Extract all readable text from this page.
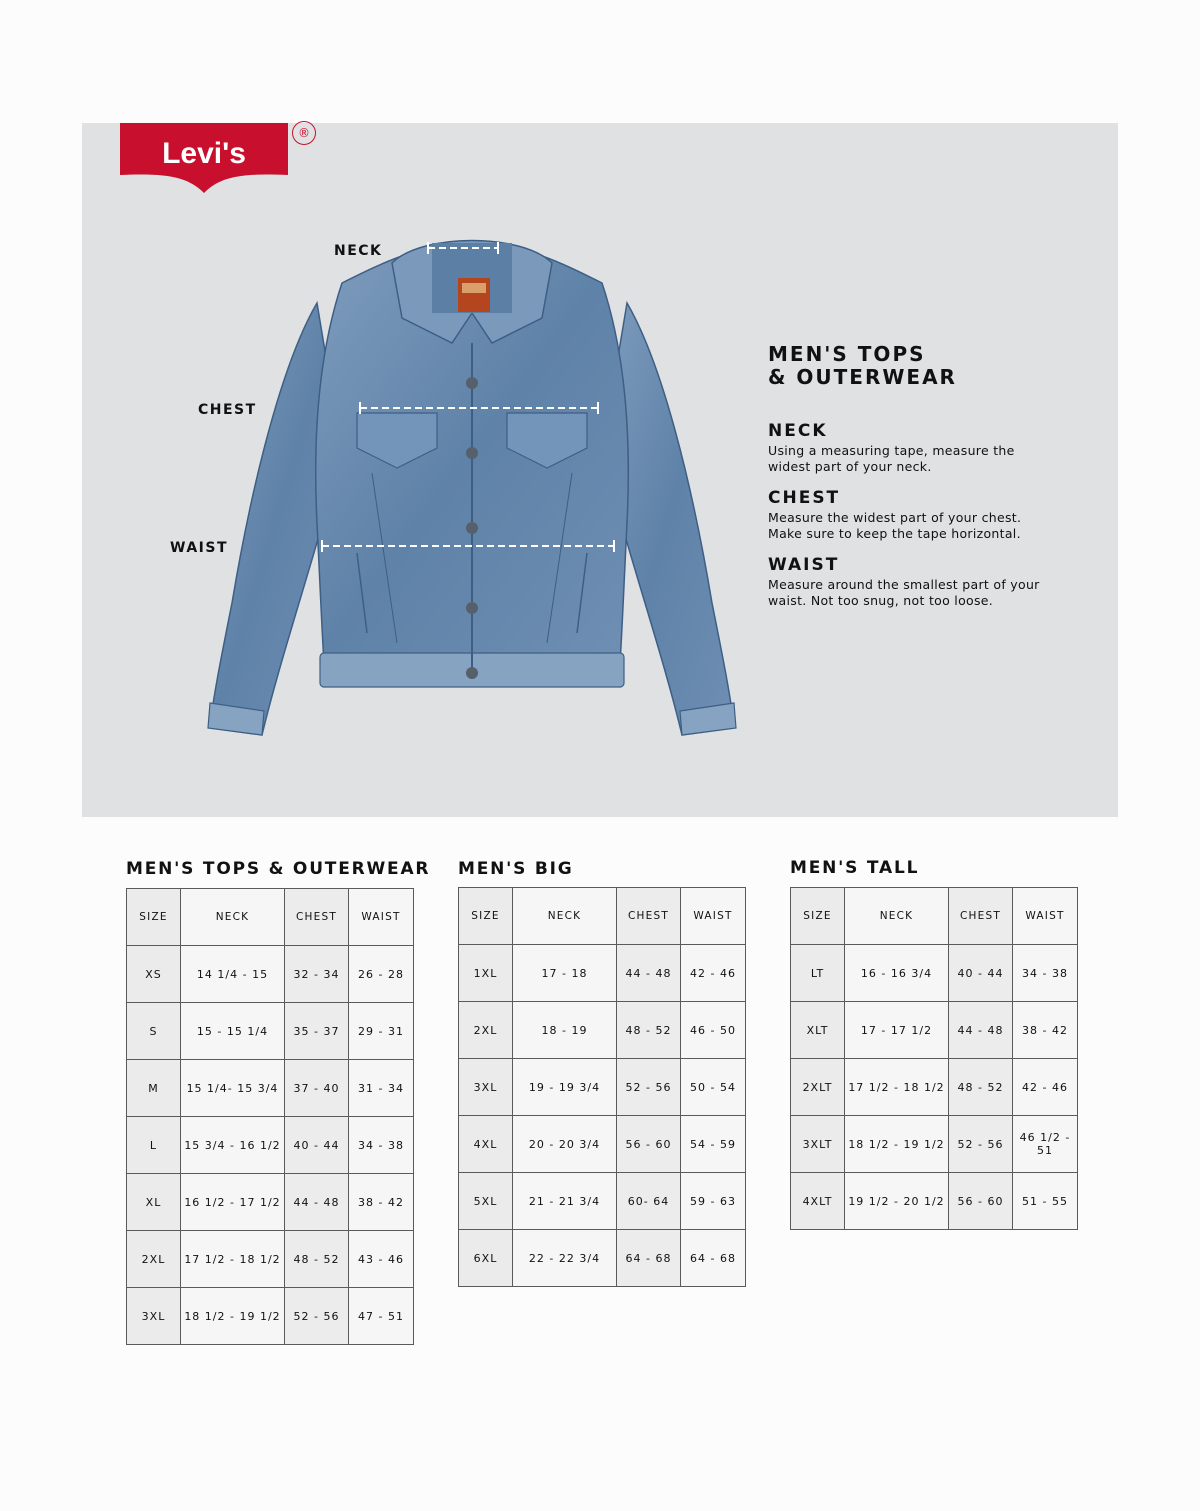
Levi's
®
NECK
CHEST
WAIST
MEN'S TOPS
& OUTERWEAR
NECK
Using a measuring tape, measure the
widest part of your neck.
CHEST
Measure the widest part of your chest.
Make sure to keep the tape horizontal.
WAIST
Measure around the smallest part of your
waist. Not too snug, not too loose.
MEN'S TOPS & OUTERWEAR
SIZE	NECK	CHEST	WAIST
XS	14 1/4 - 15	32 - 34	26 - 28
S	15 - 15 1/4	35 - 37	29 - 31
M	15 1/4- 15 3/4	37 - 40	31 - 34
L	15 3/4 - 16 1/2	40 - 44	34 - 38
XL	16 1/2 - 17 1/2	44 - 48	38 - 42
2XL	17 1/2 - 18 1/2	48 - 52	43 - 46
3XL	18 1/2 - 19 1/2	52 - 56	47 - 51
MEN'S BIG
SIZE	NECK	CHEST	WAIST
1XL	17 - 18	44 - 48	42 - 46
2XL	18 - 19	48 - 52	46 - 50
3XL	19 - 19 3/4	52 - 56	50 - 54
4XL	20 - 20 3/4	56 - 60	54 - 59
5XL	21 - 21 3/4	60- 64	59 - 63
6XL	22 - 22 3/4	64 - 68	64 - 68
MEN'S TALL
SIZE	NECK	CHEST	WAIST
LT	16 - 16 3/4	40 - 44	34 - 38
XLT	17 - 17 1/2	44 - 48	38 - 42
2XLT	17 1/2 - 18 1/2	48 - 52	42 - 46
3XLT	18 1/2 - 19 1/2	52 - 56	46 1/2 - 51
4XLT	19 1/2 - 20 1/2	56 - 60	51 - 55
